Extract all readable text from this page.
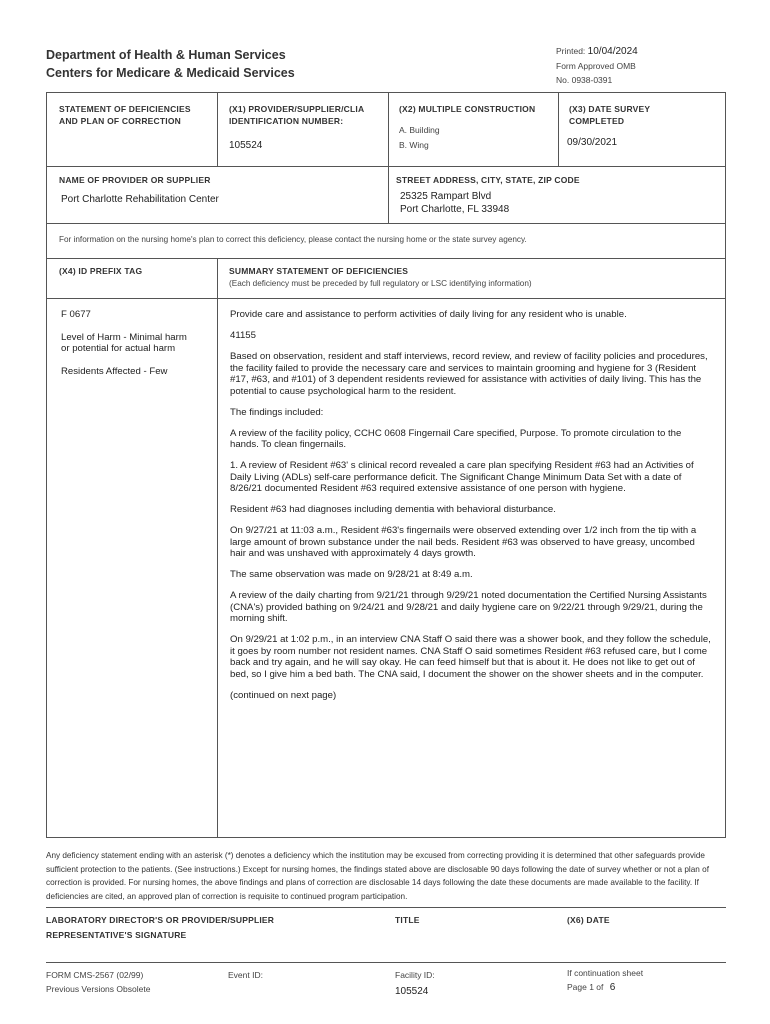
Department of Health & Human Services
Centers for Medicare & Medicaid Services
Printed: 10/04/2024
Form Approved OMB
No. 0938-0391
STATEMENT OF DEFICIENCIES
AND PLAN OF CORRECTION
(X1) PROVIDER/SUPPLIER/CLIA
IDENTIFICATION NUMBER:
105524
(X2) MULTIPLE CONSTRUCTION
A. Building
B. Wing
(X3) DATE SURVEY
COMPLETED
09/30/2021
NAME OF PROVIDER OR SUPPLIER
Port Charlotte Rehabilitation Center
STREET ADDRESS, CITY, STATE, ZIP CODE
25325 Rampart Blvd
Port Charlotte, FL 33948
For information on the nursing home's plan to correct this deficiency, please contact the nursing home or the state survey agency.
(X4) ID PREFIX TAG	SUMMARY STATEMENT OF DEFICIENCIES
(Each deficiency must be preceded by full regulatory or LSC identifying information)

F 0677

Level of Harm - Minimal harm
or potential for actual harm

Residents Affected - Few

Provide care and assistance to perform activities of daily living for any resident who is unable.

41155

Based on observation, resident and staff interviews, record review, and review of facility policies and procedures, the facility failed to provide the necessary care and services to maintain grooming and hygiene for 3 (Resident #17, #63, and #101) of 3 dependent residents reviewed for assistance with activities of daily living. This has the potential to cause psychological harm to the resident.

The findings included:

A review of the facility policy, CCHC 0608 Fingernail Care specified, Purpose. To promote circulation to the hands. To clean fingernails.

1. A review of Resident #63' s clinical record revealed a care plan specifying Resident #63 had an Activities of Daily Living (ADLs) self-care performance deficit. The Significant Change Minimum Data Set with a date of 8/26/21 documented Resident #63 required extensive assistance of one person with hygiene.

Resident #63 had diagnoses including dementia with behavioral disturbance.

On 9/27/21 at 11:03 a.m., Resident #63's fingernails were observed extending over 1/2 inch from the tip with a large amount of brown substance under the nail beds. Resident #63 was observed to have greasy, uncombed hair and was unshaved with approximately 4 days growth.

The same observation was made on 9/28/21 at 8:49 a.m.

A review of the daily charting from 9/21/21 through 9/29/21 noted documentation the Certified Nursing Assistants (CNA's) provided bathing on 9/24/21 and 9/28/21 and daily hygiene care on 9/22/21 through 9/29/21, during the morning shift.

On 9/29/21 at 1:02 p.m., in an interview CNA Staff O said there was a shower book, and they follow the schedule, it goes by room number not resident names. CNA Staff O said sometimes Resident #63 refused care, but I come back and try again, and he will say okay. He can feed himself but that is about it. He does not like to get out of bed, so I give him a bed bath. The CNA said, I document the shower on the shower sheets and in the computer.

(continued on next page)

Any deficiency statement ending with an asterisk (*) denotes a deficiency which the institution may be excused from correcting providing it is determined that other safeguards provide sufficient protection to the patients. (See instructions.) Except for nursing homes, the findings stated above are disclosable 90 days following the date of survey whether or not a plan of correction is provided. For nursing homes, the above findings and plans of correction are disclosable 14 days following the date these documents are made available to the facility. If deficiencies are cited, an approved plan of correction is requisite to continued program participation.
LABORATORY DIRECTOR'S OR PROVIDER/SUPPLIER
REPRESENTATIVE'S SIGNATURE
TITLE	(X6) DATE
FORM CMS-2567 (02/99)
Previous Versions Obsolete
Event ID:	Facility ID:
105524
If continuation sheet
Page 1 of 6
